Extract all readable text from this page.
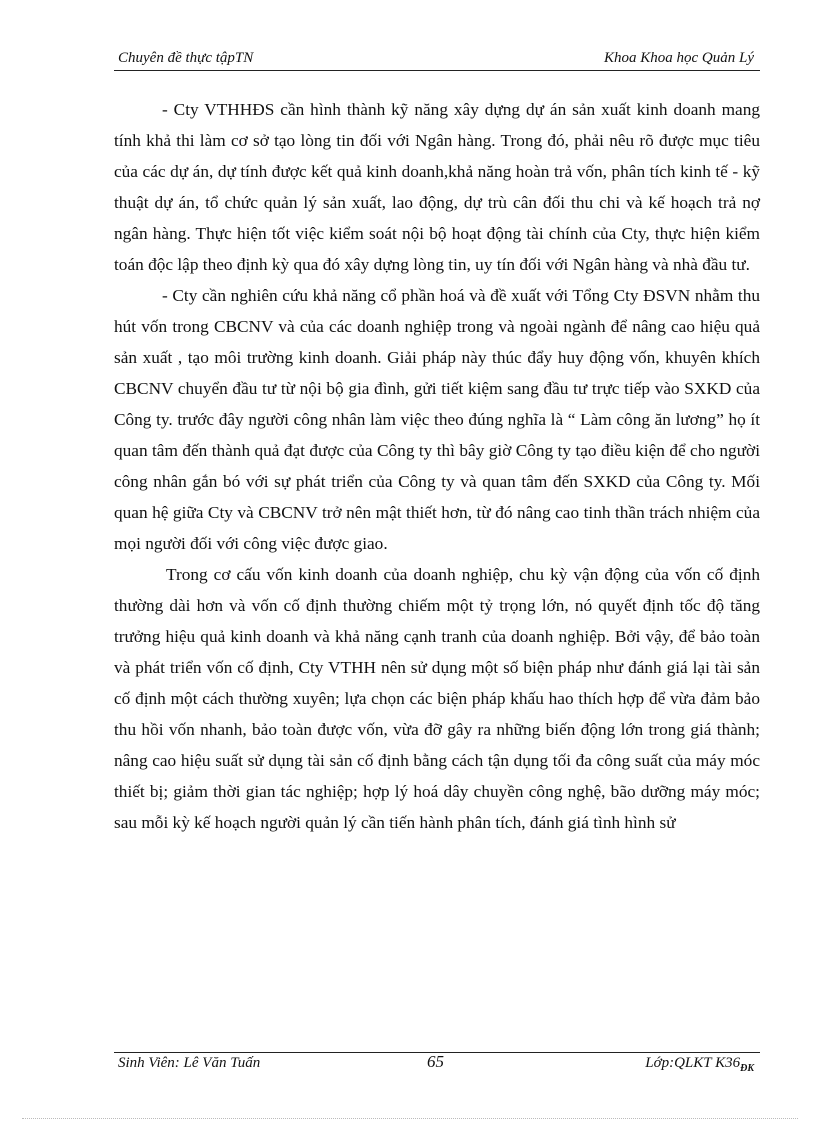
Chuyên đề thực tậpTN	Khoa Khoa học Quản Lý

- Cty VTHHĐS cần hình thành kỹ năng xây dựng dự án sản xuất kinh doanh mang tính khả thi làm cơ sở tạo lòng tin đối với Ngân hàng. Trong đó, phải nêu rõ được mục tiêu của các dự án, dự tính được kết quả kinh doanh,khả năng hoàn trả vốn, phân tích kinh tế - kỹ thuật dự án, tổ chức quản lý sản xuất, lao động, dự trù cân đối thu chi và kế hoạch trả nợ ngân hàng. Thực hiện tốt việc kiểm soát nội bộ hoạt động tài chính của Cty, thực hiện kiểm toán độc lập theo định kỳ qua đó xây dựng lòng tin, uy tín đối với Ngân hàng và nhà đầu tư.

- Cty cần nghiên cứu khả năng cổ phần hoá và đề xuất với Tổng Cty ĐSVN nhằm thu hút vốn trong CBCNV và của các doanh nghiệp trong và ngoài ngành để nâng cao hiệu quả sản xuất , tạo môi trường kinh doanh. Giải pháp này thúc đẩy huy động vốn, khuyên khích CBCNV chuyển đầu tư từ nội bộ gia đình, gửi tiết kiệm sang đầu tư trực tiếp vào SXKD của Công ty. trước đây người công nhân làm việc theo đúng nghĩa là “ Làm công ăn lương” họ ít quan tâm đến thành quả đạt được của Công ty thì bây giờ Công ty tạo điều kiện để cho người công nhân gắn bó với sự phát triển của Công ty và quan tâm đến SXKD của Công ty. Mối quan hệ giữa Cty và CBCNV trở nên mật thiết hơn, từ đó nâng cao tinh thần trách nhiệm của mọi người đối với công việc được giao.

Trong cơ cấu vốn kinh doanh của doanh nghiệp, chu kỳ vận động của vốn cố định thường dài hơn và vốn cố định thường chiếm một tỷ trọng lớn, nó quyết định tốc độ tăng trưởng hiệu quả kinh doanh và khả năng cạnh tranh của doanh nghiệp. Bởi vậy, để bảo toàn và phát triển vốn cố định, Cty VTHH nên sử dụng một số biện pháp như đánh giá lại tài sản cố định một cách thường xuyên; lựa chọn các biện pháp khấu hao thích hợp để vừa đảm bảo thu hồi vốn nhanh, bảo toàn được vốn, vừa đỡ gây ra những biến động lớn trong giá thành; nâng cao hiệu suất sử dụng tài sản cố định bằng cách tận dụng tối đa công suất của máy móc thiết bị; giảm thời gian tác nghiệp; hợp lý hoá dây chuyền công nghệ, bão dưỡng máy móc; sau mỗi kỳ kế hoạch người quản lý cần tiến hành phân tích, đánh giá tình hình sử

Sinh Viên: Lê Văn Tuấn	65	Lớp:QLKT $K36_{ĐK}$
